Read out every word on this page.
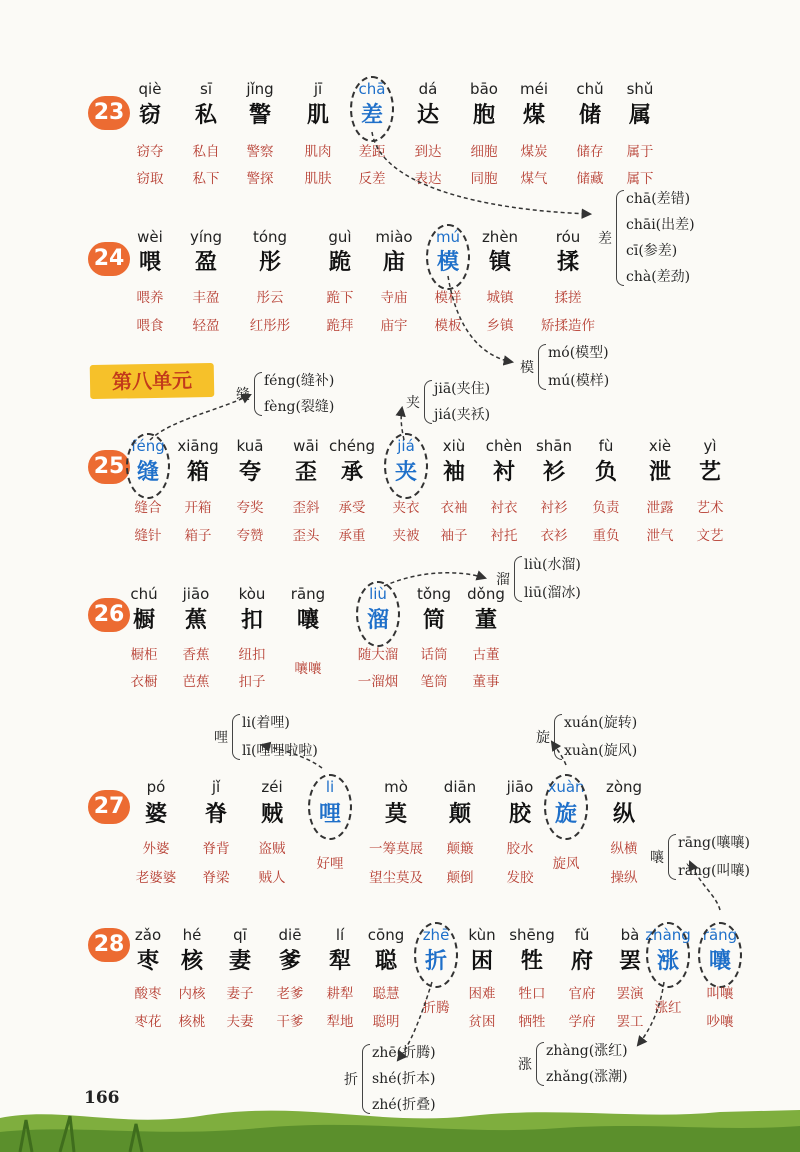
23
qiè
窃
窃夺
窃取
sī
私
私自
私下
jǐng
警
警察
警探
jī
肌
肌肉
肌肤
chā
差
差距
反差
dá
达
到达
表达
bāo
胞
细胞
同胞
méi
煤
煤炭
煤气
chǔ
储
储存
储藏
shǔ
属
属于
属下
24
wèi
喂
喂养
喂食
yíng
盈
丰盈
轻盈
tóng
彤
彤云
红彤彤
guì
跪
跪下
跪拜
miào
庙
寺庙
庙宇
mú
模
模样
模板
zhèn
镇
城镇
乡镇
róu
揉
揉搓
矫揉造作
25
féng
缝
缝合
缝针
xiāng
箱
开箱
箱子
kuā
夸
夸奖
夸赞
wāi
歪
歪斜
歪头
chéng
承
承受
承重
jiá
夹
夹衣
夹被
xiù
袖
衣袖
袖子
chèn
衬
衬衣
衬托
shān
衫
衬衫
衣衫
fù
负
负责
重负
xiè
泄
泄露
泄气
yì
艺
艺术
文艺
26
chú
橱
橱柜
衣橱
jiāo
蕉
香蕉
芭蕉
kòu
扣
纽扣
扣子
rāng
嚷
嚷嚷
liù
溜
随大溜
一溜烟
tǒng
筒
话筒
笔筒
dǒng
董
古董
董事
27
pó
婆
外婆
老婆婆
jǐ
脊
脊背
脊梁
zéi
贼
盗贼
贼人
li
哩
好哩
mò
莫
一筹莫展
望尘莫及
diān
颠
颠簸
颠倒
jiāo
胶
胶水
发胶
xuàn
旋
旋风
zòng
纵
纵横
操纵
28 zǎo
枣
酸枣
枣花
hé
核
内核
核桃
qī
妻
妻子
夫妻
diē
爹
老爹
干爹
lí
犁
耕犁
犁地
cōng
聪
聪慧
聪明
zhē
折
折腾
kùn
困
困难
贫困
shēng
牲
牲口
牺牲
fǔ
府
官府
学府
bà
罢
罢演
罢工
zhàng
涨
涨红
rāng
嚷
叫嚷
吵嚷
第八单元
差
chā(差错)
chāi(出差)
cī(参差)
chà(差劲)
模
mó(模型)
mú(模样)
缝
féng(缝补)
fèng(裂缝)	夹
jiā(夹住)
jiá(夹袄)
溜
liù(水溜)
liū(溜冰)
哩
li(着哩)
lī(哩哩啦啦)
旋
xuán(旋转)
xuàn(旋风)
嚷
rāng(嚷嚷)
rǎng(叫嚷)
折
zhē(折腾)
shé(折本)
zhé(折叠)
涨
zhàng(涨红)
zhǎng(涨潮)
166
